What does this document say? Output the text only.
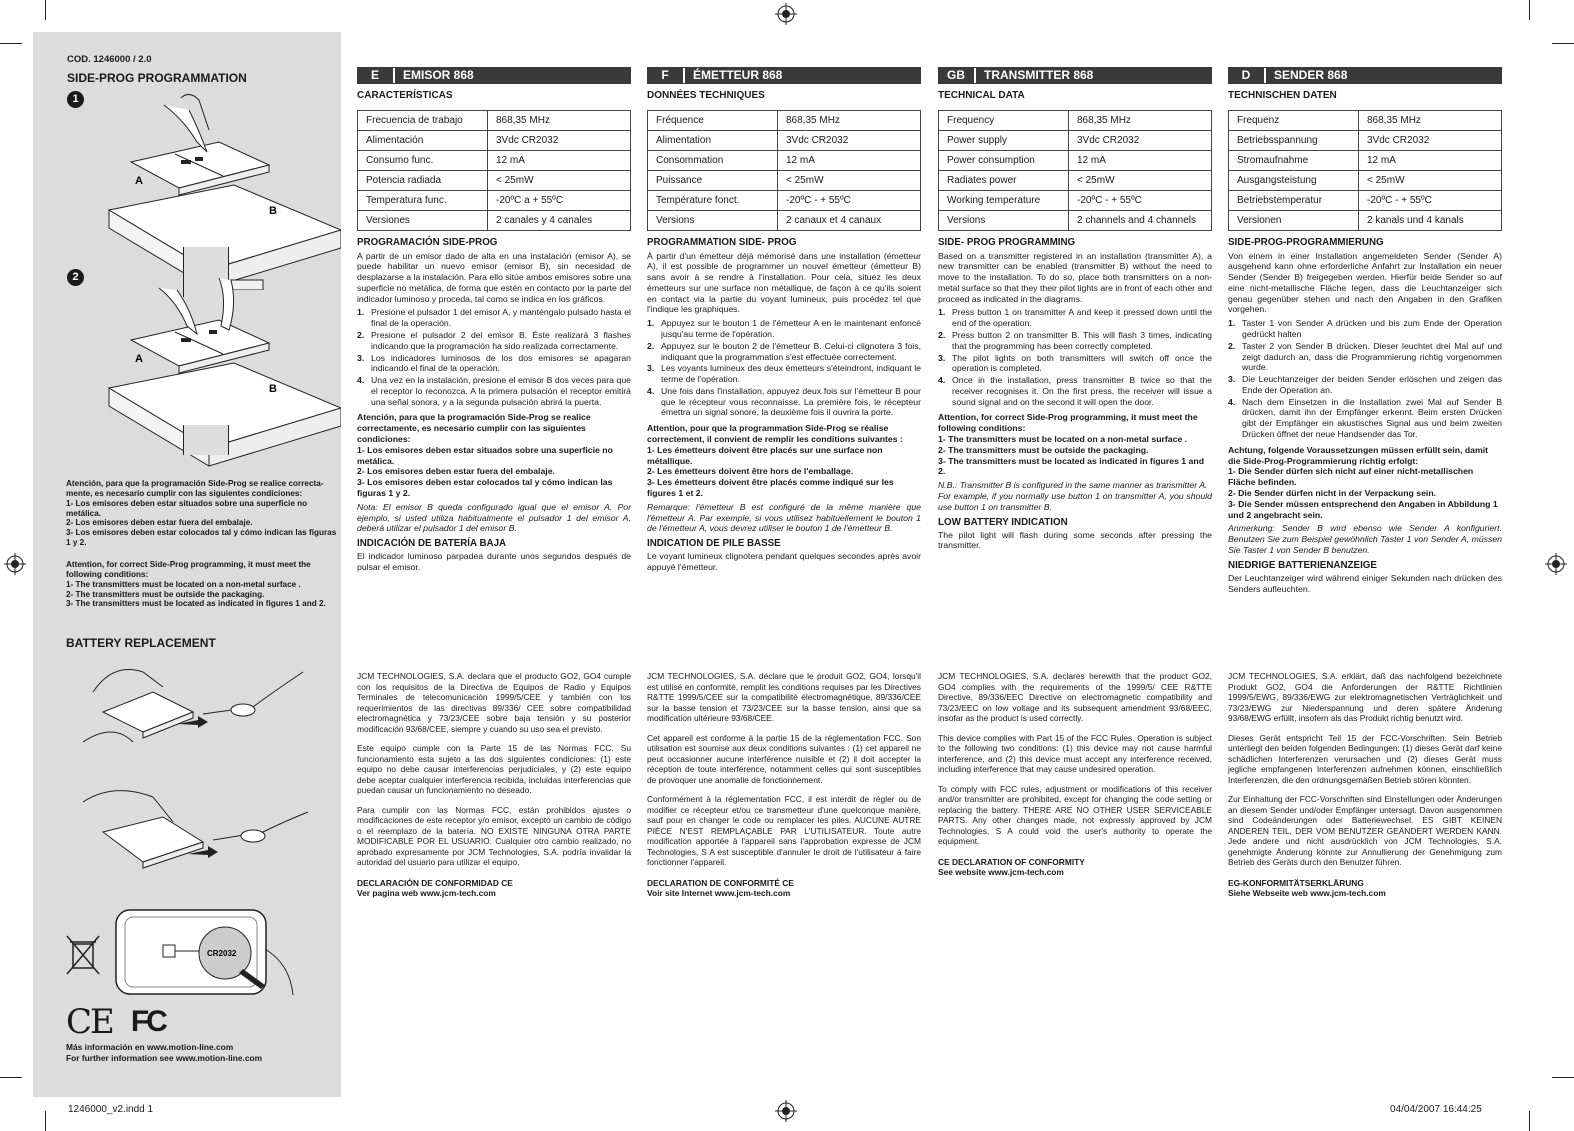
COD. 1246000 / 2.0
SIDE-PROG PROGRAMMATION
1
A
B
2
A
B

Atención, para que la programación Side-Prog se realice correcta-mente, es necesario cumplir con las siguientes condiciones:

1- Los emisores deben estar situados sobre una superficie no metálica.

2- Los emisores deben estar fuera del embalaje.

3- Los emisores deben estar colocados tal y cómo indican las figuras 1 y 2.

Attention, for correct Side-Prog programming, it must meet the following conditions:

1- The transmitters must be located on a non-metal surface .

2- The transmitters must be outside the packaging.

3- The transmitters must be located as indicated in figures 1 and 2.

BATTERY REPLACEMENT
CR2032
CE FC
Más información en www.motion-line.com
For further information see www.motion-line.com
E	EMISOR 868
CARACTERÍSTICAS
Frecuencia de trabajo	868,35 MHz
Alimentación	3Vdc CR2032
Consumo func.	12 mA
Potencia radiada	< 25mW
Temperatura func.	-20ºC a + 55ºC
Versiones	2 canales y 4 canales
PROGRAMACIÓN SIDE-PROG

A partir de un emisor dado de alta en una instalación (emisor A), se puede habilitar un nuevo emisor (emisor B), sin necesidad de desplazarse a la instalación. Para ello sitúe ambos emisores sobre una superficie no metálica, de forma que estén en contacto por la parte del indicador luminoso y proceda, tal como se indica en los gráficos.

1. Presione el pulsador 1 del emisor A, y manténgalo pulsado hasta el final de la operación.
2. Presione el pulsador 2 del emisor B. Éste realizará 3 flashes indicando que la programación ha sido realizada correctamente.
3. Los indicadores luminosos de los dos emisores se apagaran indicando el final de la operación.
4. Una vez en la instalación, presione el emisor B dos veces para que el receptor lo reconozca. A la primera pulsación el receptor emitirá una señal sonora, y a la segunda pulsación abrirá la puerta.

Atención, para que la programación Side-Prog se realice correctamente, es necesario cumplir con las siguientes condiciones:
1- Los emisores deben estar situados sobre una superficie no metálica.
2- Los emisores deben estar fuera del embalaje.
3- Los emisores deben estar colocados tal y cómo indican las figuras 1 y 2.

Nota: El emisor B queda configurado igual que el emisor A. Por ejemplo, si usted utiliza habitualmente el pulsador 1 del emisor A, deberá utilizar el pulsador 1 del emisor B.

INDICACIÓN DE BATERÍA BAJA

El indicador luminoso parpadea durante unos segundos después de pulsar el emisor.

F	ÉMETTEUR 868
DONNÉES TECHNIQUES
Fréquence	868,35 MHz
Alimentation	3Vdc CR2032
Consommation	12 mA
Puissance	< 25mW
Température fonct.	-20ºC - + 55ºC
Versions	2 canaux et 4 canaux
PROGRAMMATION SIDE- PROG

À partir d'un émetteur déjà mémorisé dans une installation (émetteur A), il est possible de programmer un nouvel émetteur (émetteur B) sans avoir à se rendre à l'installation. Pour cela, situez les deux émetteurs sur une surface non métallique, de façon à ce qu'ils soient en contact via la partie du voyant lumineux, puis procédez tel que l'indique les graphiques.

1. Appuyez sur le bouton 1 de l'émetteur A en le maintenant enfoncé jusqu'au terme de l'opération.
2. Appuyez sur le bouton 2 de l'émetteur B. Celui-ci clignotera 3 fois, indiquant que la programmation s'est effectuée correctement.
3. Les voyants lumineux des deux émetteurs s'éteindront, indiquant le terme de l'opération.
4. Une fois dans l'installation, appuyez deux fois sur l'émetteur B pour que le récepteur vous reconnaisse. La première fois, le récepteur émettra un signal sonore, la deuxième fois il ouvrira la porte.

Attention, pour que la programmation Side-Prog se réalise correctement, il convient de remplir les conditions suivantes :
1- Les émetteurs doivent être placés sur une surface non métallique.
2- Les émetteurs doivent être hors de l'emballage.
3- Les émetteurs doivent être placés comme indiqué sur les figures 1 et 2.

Remarque: l'émetteur B est configuré de la même manière que l'émetteur A. Par exemple, si vous utilisez habituellement le bouton 1 de l'émetteur A, vous devrez utiliser le bouton 1 de l'émetteur B.

INDICATION DE PILE BASSE

Le voyant lumineux clignotera pendant quelques secondes après avoir appuyé l'émetteur.

GB	TRANSMITTER 868
TECHNICAL DATA
Frequency	868,35 MHz
Power supply	3Vdc CR2032
Power consumption	12 mA
Radiates power	< 25mW
Working temperature	-20ºC - + 55ºC
Versions	2 channels and 4 channels
SIDE- PROG PROGRAMMING

Based on a transmitter registered in an installation (transmitter A), a new transmitter can be enabled (transmitter B) without the need to move to the installation. To do so, place both transmitters on a non-metal surface so that they their pilot lights are in front of each other and proceed as indicated in the diagrams.

1. Press button 1 on transmitter A and keep it pressed down until the end of the operation.
2. Press button 2 on transmitter B. This will flash 3 times, indicating that the programming has been correctly completed.
3. The pilot lights on both transmitters will switch off once the operation is completed.
4. Once in the installation, press transmitter B twice so that the receiver recognises it. On the first press, the receiver will issue a sound signal and on the second it will open the door.

Attention, for correct Side-Prog programming, it must meet the following conditions:
1- The transmitters must be located on a non-metal surface .
2- The transmitters must be outside the packaging.
3- The transmitters must be located as indicated in figures 1 and 2.

N.B.: Transmitter B is configured in the same manner as transmitter A.
For example, if you normally use button 1 on transmitter A, you should use button 1 on transmitter B.

LOW BATTERY INDICATION

The pilot light will flash during some seconds after pressing the transmitter.

D	SENDER 868
TECHNISCHEN DATEN
Frequenz	868,35 MHz
Betriebsspannung	3Vdc CR2032
Stromaufnahme	12 mA
Ausgangsteistung	< 25mW
Betriebstemperatur	-20ºC - + 55ºC
Versionen	2 kanals und 4 kanals
SIDE-PROG-PROGRAMMIERUNG

Von einem in einer Installation angemeldeten Sender (Sender A) ausgehend kann ohne erforderliche Anfahrt zur Installation ein neuer Sender (Sender B) freigegeben werden. Hierfür beide Sender so auf eine nicht-metallische Fläche legen, dass die Leuchtanzeiger sich genau gegenüber stehen und nach den Angaben in den Grafiken vorgehen.

1. Taster 1 von Sender A drücken und bis zum Ende der Operation gedrückt halten
2. Taster 2 von Sender B drücken. Dieser leuchtet drei Mal auf und zeigt dadurch an, dass die Programmierung richtig vorgenommen wurde.
3. Die Leuchtanzeiger der beiden Sender erlöschen und zeigen das Ende der Operation an.
4. Nach dem Einsetzen in die Installation zwei Mal auf Sender B drücken, damit ihn der Empfänger erkennt. Beim ersten Drücken gibt der Empfänger ein akustisches Signal aus und beim zweiten Drücken öffnet der neue Handsender das Tor.

Achtung, folgende Voraussetzungen müssen erfüllt sein, damit die Side-Prog-Programmierung richtig erfolgt:
1- Die Sender dürfen sich nicht auf einer nicht-metallischen Fläche befinden.
2- Die Sender dürfen nicht in der Verpackung sein.
3- Die Sender müssen entsprechend den Angaben in Abbildung 1 und 2 angebracht sein.

Anmerkung: Sender B wird ebenso wie Sender A konfiguriert. Benutzen Sie zum Beispiel gewöhnlich Taster 1 von Sender A, müssen Sie Taster 1 von Sender B benutzen.

NIEDRIGE BATTERIENANZEIGE

Der Leuchtanzeiger wird während einiger Sekunden nach drücken des Senders aufleuchten.

JCM TECHNOLOGIES, S.A. declara que el producto GO2, GO4 cumple con los requisitos de la Directiva de Equipos de Radio y Equipos Terminales de telecomunicación 1999/5/CEE y también con los requerimientos de las directivas 89/336/ CEE sobre compatibilidad electromagnética y 73/23/CEE sobre baja tensión y su posterior modificación 93/68/CEE, siempre y cuando su uso sea el previsto.

Este equipo cumple con la Parte 15 de las Normas FCC. Su funcionamiento esta sujeto a las dos siguientes condiciones: (1) este equipo no debe causar interferencias perjudiciales, y (2) este equipo debe aceptar cualquier interferencia recibida, incluidas interferencias que puedan causar un funcionamiento no deseado.

Para cumplir con las Normas FCC, están prohibidos ajustes o modificaciones de este receptor y/o emisor, excepto un cambio de código o el reemplazo de la batería. NO EXISTE NINGUNA OTRA PARTE MODIFICABLE POR EL USUARIO. Cualquier otro cambio realizado, no aprobado expresamente por JCM Technologies, S.A. podría invalidar la autoridad del usuario para utilizar el equipo.

DECLARACIÓN DE CONFORMIDAD CE
Ver pagina web www.jcm-tech.com

JCM TECHNOLOGIES, S.A. déclare que le produit GO2, GO4, lorsqu'il est utilisé en conformité, remplit les conditions requises par les Directives R&TTE 1999/5/CEE sur la compatibilité électromagnétique, 89/336/CEE sur la basse tension et 73/23/CEE sur la basse tension, ainsi que sa modification ultérieure 93/68/CEE.

Cet appareil est conforme à la partie 15 de la réglementation FCC. Son utilisation est soumise aux deux conditions suivantes : (1) cet appareil ne peut occasionner aucune interférence nuisible et (2) il doit accepter la réception de toute interférence, notamment celles qui sont susceptibles de provoquer une anomalie de fonctionnement.

Conformément à la réglementation FCC, il est interdit de régler ou de modifier ce récepteur et/ou ce transmetteur d'une quelconque manière, sauf pour en changer le code ou remplacer les piles. AUCUNE AUTRE PIÈCE N'EST REMPLAÇABLE PAR L'UTILISATEUR. Toute autre modification apportée à l'appareil sans l'approbation expresse de JCM Technologies, S A est susceptible d'annuler le droit de l'utilisateur à faire fonctionner l'appareil.

DECLARATION DE CONFORMITÉ CE
Voir site Internet www.jcm-tech.com

JCM TECHNOLOGIES, S.A. declares herewith that the product GO2, GO4 complies with the requirements of the 1999/5/ CEE R&TTE Directive, 89/336/EEC Directive on electromagnetic compatibility and 73/23/EEC on low voltage and its subsequent amendment 93/68/EEC, insofar as the product is used correctly.

This device complies with Part 15 of the FCC Rules. Operation is subject to the following two conditions: (1) this device may not cause harmful interference, and (2) this device must accept any interference received, including interference that may cause undesired operation.

To comply with FCC rules, adjustment or modifications of this receiver and/or transmitter are prohibited, except for changing the code setting or replacing the battery. THERE ARE NO OTHER USER SERVICEABLE PARTS. Any other changes made, not expressly approved by JCM Technologies, S A could void the user's authority to operate the equipment.

CE DECLARATION OF CONFORMITY
See website www.jcm-tech.com

JCM TECHNOLOGIES, S.A. erklärt, daß das nachfolgend bezeichnete Produkt GO2, GO4 die Anforderungen der R&TTE Richtlinien 1999/5/EWG, 89/336/EWG zur elektromagnetischen Verträglichkeit und 73/23/EWG zur Niederspannung und deren spätere Änderung 93/68/EWG erfüllt, insofern als das Produkt richtig benutzt wird.

Dieses Gerät entspricht Teil 15 der FCC-Vorschriften. Sein Betrieb unterliegt den beiden folgenden Bedingungen: (1) dieses Gerät darf keine schädlichen Interferenzen verursachen und (2) dieses Gerät muss jegliche empfangenen Interferenzen aufnehmen können, einschließlich Interferenzen, die den ordnungsgemäßen Betrieb stören könnten.

Zur Einhaltung der FCC-Vorschriften sind Einstellungen oder Änderungen an diesem Sender und/oder Empfänger untersagt. Davon ausgenommen sind Codeänderungen oder Batteriewechsel. ES GIBT KEINEN ANDEREN TEIL, DER VOM BENUTZER GEÄNDERT WERDEN KANN. Jede andere und nicht ausdrücklich von JCM Technologies, S.A. genehmigte Änderung könnte zur Annullierung der Genehmigung zum Betrieb des Geräts durch den Benutzer führen.

EG-KONFORMITÄTSERKLÄRUNG
Siehe Webseite web www.jcm-tech.com
1246000_v2.indd 1	04/04/2007 16:44:25
